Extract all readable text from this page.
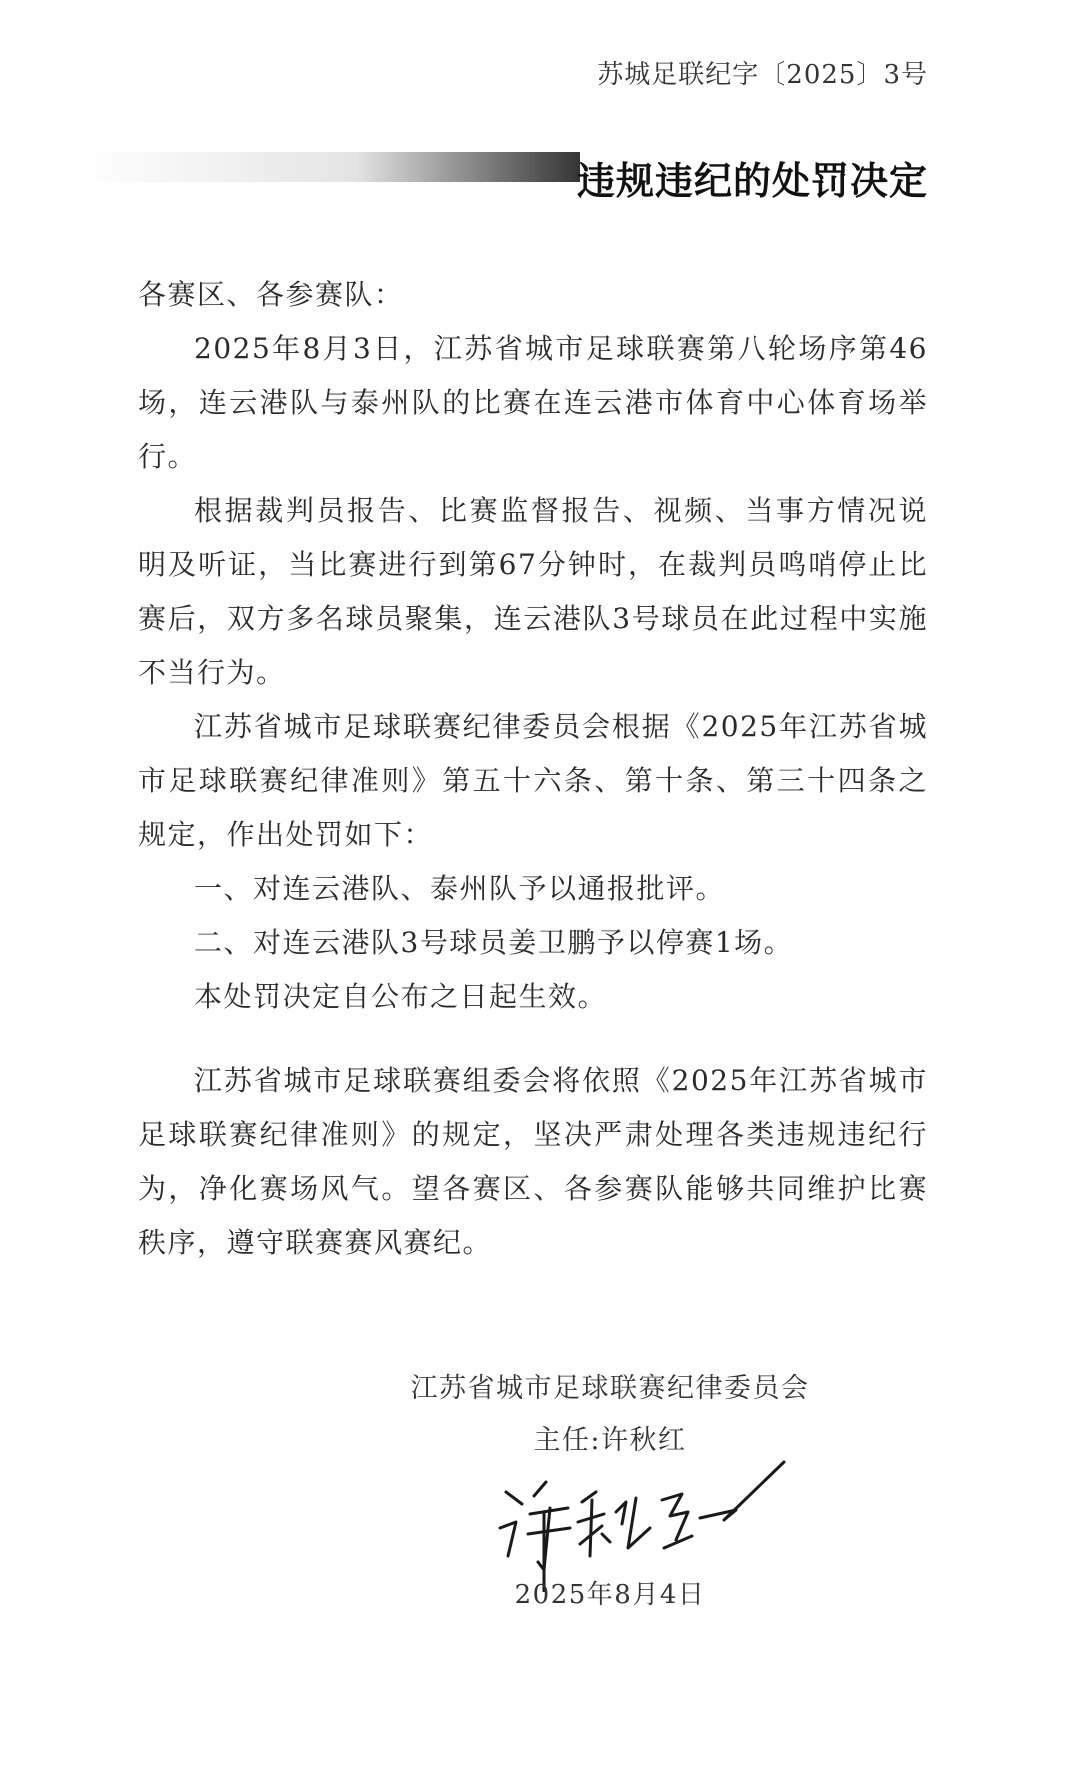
苏城足联纪字〔2025〕3号
违规违纪的处罚决定

各赛区、各参赛队：

2025年8月3日，江苏省城市足球联赛第八轮场序第46场，连云港队与泰州队的比赛在连云港市体育中心体育场举行。

根据裁判员报告、比赛监督报告、视频、当事方情况说明及听证，当比赛进行到第67分钟时，在裁判员鸣哨停止比赛后，双方多名球员聚集，连云港队3号球员在此过程中实施不当行为。

江苏省城市足球联赛纪律委员会根据《2025年江苏省城市足球联赛纪律准则》第五十六条、第十条、第三十四条之规定，作出处罚如下：

一、对连云港队、泰州队予以通报批评。

二、对连云港队3号球员姜卫鹏予以停赛1场。

本处罚决定自公布之日起生效。

江苏省城市足球联赛组委会将依照《2025年江苏省城市足球联赛纪律准则》的规定，坚决严肃处理各类违规违纪行为，净化赛场风气。望各赛区、各参赛队能够共同维护比赛秩序，遵守联赛赛风赛纪。

江苏省城市足球联赛纪律委员会
主任:许秋红
2025年8月4日
